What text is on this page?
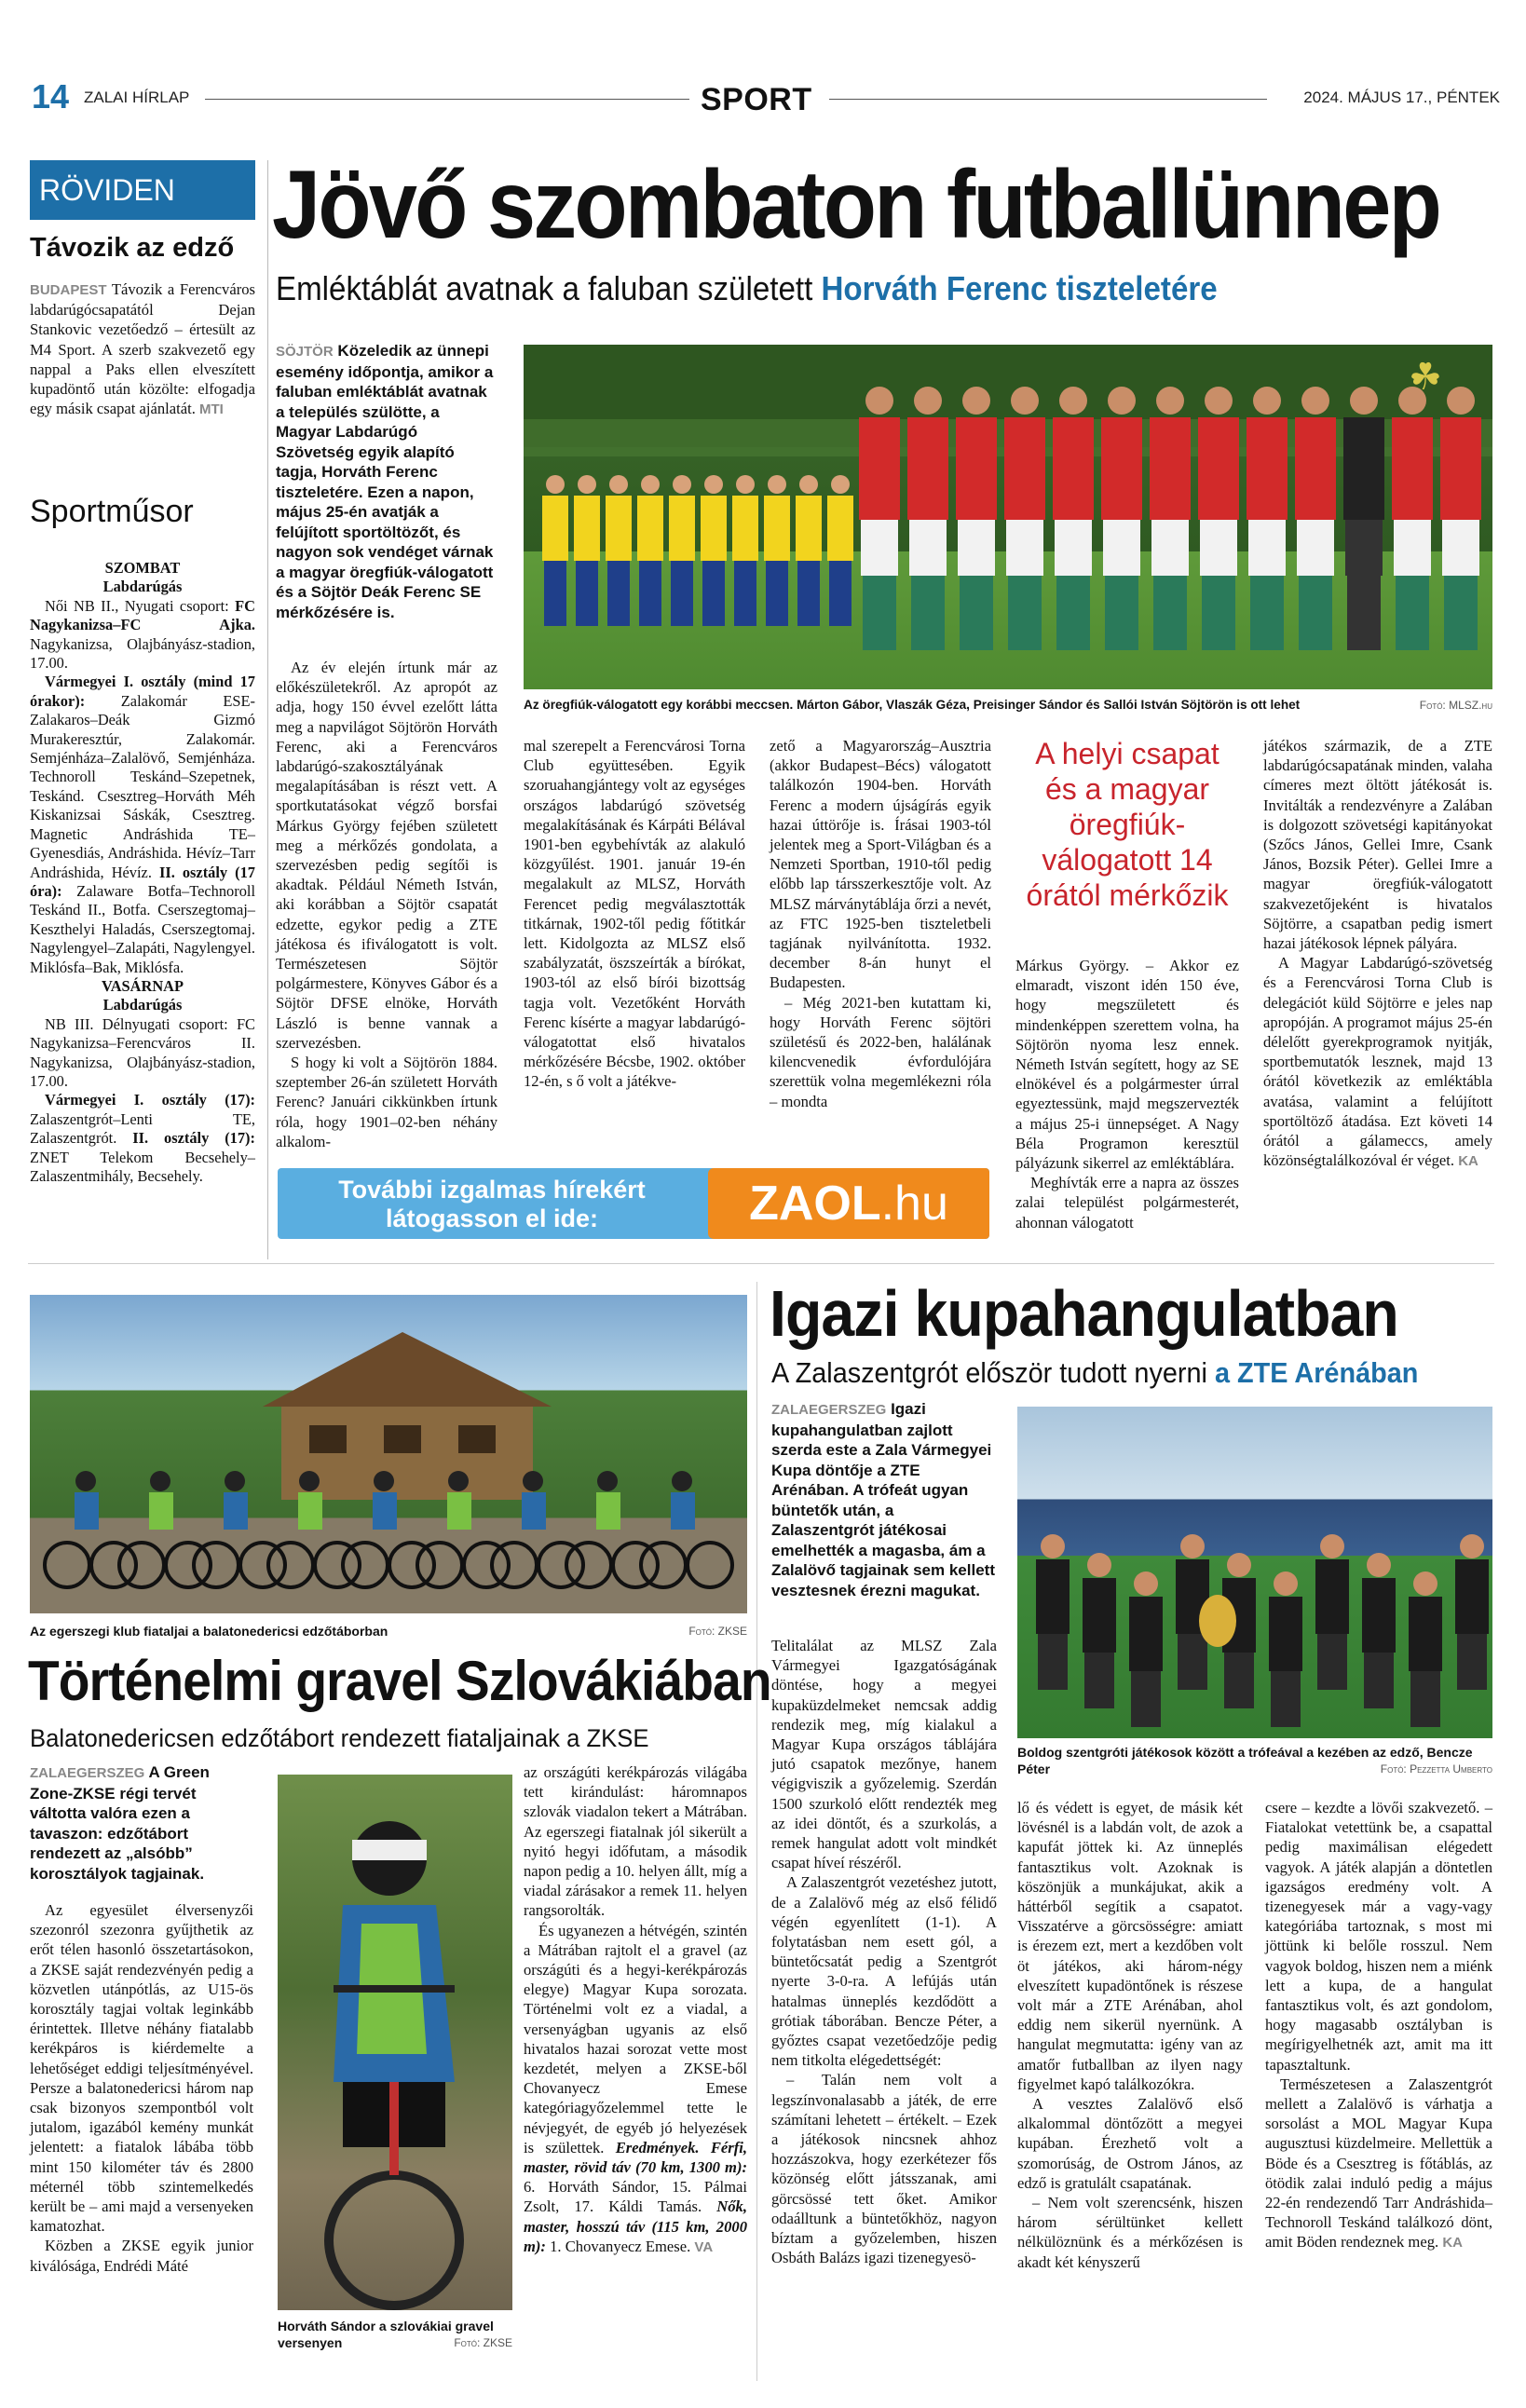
14 ZALAI HÍRLAP	SPORT	2024. MÁJUS 17., PÉNTEK
RÖVIDEN
Távozik az edző

BUDAPEST Távozik a Ferencváros labdarúgócsapatától Dejan Stankovic vezetőedző – értesült az M4 Sport. A szerb szakvezető egy nappal a Paks ellen elveszített kupadöntő után közölte: elfogadja egy másik csapat ajánlatát. MTI

Sportműsor
SZOMBAT
Labdarúgás

Női NB II., Nyugati csoport: FC Nagykanizsa–FC Ajka. Nagykanizsa, Olajbányász-stadion, 17.00.

Vármegyei I. osztály (mind 17 órakor): Zalakomár ESE-Zalakaros–Deák Gizmó Murakeresztúr, Zalakomár. Semjénháza–Zalalövő, Semjénháza. Technoroll Teskánd–Szepetnek, Teskánd. Csesztreg–Horváth Méh Kiskanizsai Sáskák, Csesztreg. Magnetic Andráshida TE–Gyenesdiás, Andráshida. Hévíz–Tarr Andráshida, Hévíz. II. osztály (17 óra): Zalaware Botfa–Technoroll Teskánd II., Botfa. Cserszegtomaj–Keszthelyi Haladás, Cserszegtomaj. Nagylengyel–Zalapáti, Nagylengyel. Miklósfa–Bak, Miklósfa.

VASÁRNAP
Labdarúgás

NB III. Délnyugati csoport: FC Nagykanizsa–Ferencváros II. Nagykanizsa, Olajbányász-stadion, 17.00.

Vármegyei I. osztály (17): Zalaszentgrót–Lenti TE, Zalaszentgrót. II. osztály (17): ZNET Telekom Becsehely–Zalaszentmihály, Becsehely.

Jövő szombaton futballünnep
Emléktáblát avatnak a faluban született Horváth Ferenc tiszteletére

SÖJTÖR Közeledik az ünnepi esemény időpontja, amikor a faluban emléktáblát avatnak a település szülötte, a Magyar Labdarúgó Szövetség egyik alapító tagja, Horváth Ferenc tiszteletére. Ezen a napon, május 25-én avatják a felújított sportöltözőt, és nagyon sok vendéget várnak a magyar öregfiúk-válogatott és a Söjtör Deák Ferenc SE mérkőzésére is.

☘
Az öregfiúk-válogatott egy korábbi meccsen. Márton Gábor, Vlaszák Géza, Preisinger Sándor és Sallói István Söjtörön is ott lehet	Fotó: MLSZ.hu

Az év elején írtunk már az előkészületekről. Az apropót az adja, hogy 150 évvel ezelőtt látta meg a napvilágot Söjtörön Horváth Ferenc, aki a Ferencváros labdarúgó-szakosztályának megalapításában is részt vett. A sportkutatásokat végző borsfai Márkus György fejében született meg a mérkőzés gondolata, a szervezésben pedig segítői is akadtak. Például Németh István, aki korábban a Söjtör csapatát edzette, egykor pedig a ZTE játékosa és ifiválogatott is volt. Természetesen Söjtör polgármestere, Könyves Gábor és a Söjtör DFSE elnöke, Horváth László is benne vannak a szervezésben.

S hogy ki volt a Söjtörön 1884. szeptember 26-án született Horváth Ferenc? Januári cikkünkben írtunk róla, hogy 1901–02-ben néhány alkalom-

mal szerepelt a Ferencvárosi Torna Club együttesében. Egyik szoruahangjántegy volt az egységes országos labdarúgó szövetség megalakításának és Kárpáti Bélával 1901-ben egybehívták az alakuló közgyűlést. 1901. január 19-én megalakult az MLSZ, Horváth Ferencet pedig megválasztották titkárnak, 1902-től pedig főtitkár lett. Kidolgozta az MLSZ első szabályzatát, öszszeírták a bírókat, 1903-tól az első bírói bizottság tagja volt. Vezetőként Horváth Ferenc kísérte a magyar labdarúgó-válogatottat első hivatalos mérkőzésére Bécsbe, 1902. október 12-én, s ő volt a játékve-

zető a Magyarország–Ausztria (akkor Budapest–Bécs) válogatott találkozón 1904-ben. Horváth Ferenc a modern újságírás egyik hazai úttörője is. Írásai 1903-tól jelentek meg a Sport-Világban és a Nemzeti Sportban, 1910-től pedig előbb lap társszerkesztője volt. Az MLSZ márványtáblája őrzi a nevét, az FTC 1925-ben tiszteletbeli tagjának nyilvánította. 1932. december 8-án hunyt el Budapesten.

– Még 2021-ben kutattam ki, hogy Horváth Ferenc söjtöri születésű és 2022-ben, halálának kilencvenedik évfordulójára szerettük volna megemlékezni róla – mondta

A helyi csapat és a magyar öregfiúk-válogatott 14 órától mérkőzik

Márkus György. – Akkor ez elmaradt, viszont idén 150 éve, hogy megszületett és mindenképpen szerettem volna, ha Söjtörön nyoma lesz ennek. Németh István segített, hogy az SE elnökével és a polgármester úrral egyeztessünk, majd megszervezték a május 25-i ünnepséget. A Nagy Béla Programon keresztül pályázunk sikerrel az emléktáblára.

Meghívták erre a napra az összes zalai települést polgármesterét, ahonnan válogatott

játékos származik, de a ZTE labdarúgócsapatának minden, valaha címeres mezt öltött játékosát is. Invitálták a rendezvényre a Zalában is dolgozott szövetségi kapitányokat (Szőcs János, Gellei Imre, Csank János, Bozsik Péter). Gellei Imre a magyar öregfiúk-válogatott szakvezetőjeként is hivatalos Söjtörre, a csapatban pedig ismert hazai játékosok lépnek pályára.

A Magyar Labdarúgó-szövetség és a Ferencvárosi Torna Club is delegációt küld Söjtörre e jeles nap apropóján. A programot május 25-én délelőtt gyerekprogramok nyitják, sportbemutatók lesznek, majd 13 órától következik az emléktábla avatása, valamint a felújított sportöltöző átadása. Ezt követi 14 órától a gálameccs, amely közönségtalálkozóval ér véget. KA

További izgalmas hírekért
látogasson el ide:	ZAOL.hu
Az egerszegi klub fiataljai a balatonedericsi edzőtáborban	Fotó: ZKSE
Történelmi gravel Szlovákiában
Balatonedericsen edzőtábort rendezett fiataljainak a ZKSE

ZALAEGERSZEG A Green Zone-ZKSE régi tervét váltotta valóra ezen a tavaszon: edzőtábort rendezett az „alsóbb” korosztályok tagjainak.

Az egyesület élversenyzői szezonról szezonra gyűjthetik az erőt télen hasonló összetartásokon, a ZKSE saját rendezvényén pedig a közvetlen utánpótlás, az U15-ös korosztály tagjai voltak leginkább érintettek. Illetve néhány fiatalabb kerékpáros is kiérdemelte a lehetőséget eddigi teljesítményével. Persze a balatonedericsi három nap csak bizonyos szempontból volt jutalom, igazából kemény munkát jelentett: a fiatalok lábába több mint 150 kilométer táv és 2800 méternél több szintemelkedés került be – ami majd a versenyeken kamatozhat.

Közben a ZKSE egyik junior kiválósága, Endrédi Máté

Horváth Sándor a szlovákiai gravel versenyen	Fotó: ZKSE

az országúti kerékpározás világába tett kirándulást: háromnapos szlovák viadalon tekert a Mátrában. Az egerszegi fiatalnak jól sikerült a nyitó hegyi időfutam, a második napon pedig a 10. helyen állt, míg a viadal zárásakor a remek 11. helyen rangsorolták.

És ugyanezen a hétvégén, szintén a Mátrában rajtolt el a gravel (az országúti és a hegyi-kerékpározás elegye) Magyar Kupa sorozata. Történelmi volt ez a viadal, a versenyágban ugyanis az első hivatalos hazai sorozat vette most kezdetét, melyen a ZKSE-ből Chovanyecz Emese kategóriagyőzelemmel tette le névjegyét, de egyéb jó helyezések is születtek. Eredmények. Férfi, master, rövid táv (70 km, 1300 m): 6. Horváth Sándor, 15. Pálmai Zsolt, 17. Káldi Tamás. Nők, master, hosszú táv (115 km, 2000 m): 1. Chovanyecz Emese. VA

Igazi kupahangulatban
A Zalaszentgrót először tudott nyerni a ZTE Arénában

ZALAEGERSZEG Igazi kupahangulatban zajlott szerda este a Zala Vármegyei Kupa döntője a ZTE Arénában. A trófeát ugyan büntetők után, a Zalaszentgrót játékosai emelhették a magasba, ám a Zalalövő tagjainak sem kellett vesztesnek érezni magukat.

Boldog szentgróti játékosok között a trófeával a kezében az edző, Bencze Péter	Fotó: Pezzetta Umberto

Telitalálat az MLSZ Zala Vármegyei Igazgatóságának döntése, hogy a megyei kupaküzdelmeket nemcsak addig rendezik meg, míg kialakul a Magyar Kupa országos táblájára jutó csapatok mezőnye, hanem végigviszik a győzelemig. Szerdán 1500 szurkoló előtt rendezték meg az idei döntőt, és a szurkolás, a remek hangulat adott volt mindkét csapat híveí részéről.

A Zalaszentgrót vezetéshez jutott, de a Zalalövő még az első félidő végén egyenlített (1-1). A folytatásban nem esett gól, a büntetőcsatát pedig a Szentgrót nyerte 3-0-ra. A lefújás után hatalmas ünneplés kezdődött a grótiak táborában. Bencze Péter, a győztes csapat vezetőedzője pedig nem titkolta elégedettségét:

– Talán nem volt a legszínvonalasabb a játék, de erre számítani lehetett – értékelt. – Ezek a játékosok nincsnek ahhoz hozzászokva, hogy ezerkétezer fős közönség előtt játsszanak, ami görcsössé tett őket. Amikor odaálltunk a büntetőkhöz, nagyon bíztam a győzelemben, hiszen Osbáth Balázs igazi tizenegyesö-

lő és védett is egyet, de másik két lövésnél is a labdán volt, de azok a kapufát jöttek ki. Az ünneplés fantasztikus volt. Azoknak is köszönjük a munkájukat, akik a háttérből segítik a csapatot. Visszatérve a görcsösségre: amiatt is érezem ezt, mert a kezdőben volt öt játékos, aki három-négy elveszített kupadöntőnek is részese volt már a ZTE Arénában, ahol eddig nem sikerül nyernünk. A hangulat megmutatta: igény van az amatőr futballban az ilyen nagy figyelmet kapó találkozókra.

A vesztes Zalalövő első alkalommal döntőzött a megyei kupában. Érezhető volt a szomorúság, de Ostrom János, az edző is gratulált csapatának.

– Nem volt szerencsénk, hiszen három sérültünket kellett nélkülöznünk és a mérkőzésen is akadt két kényszerű

csere – kezdte a lövői szakvezető. – Fiatalokat vetettünk be, a csapattal pedig maximálisan elégedett vagyok. A játék alapján a döntetlen igazságos eredmény volt. A tizenegyesek már a vagy-vagy kategóriába tartoznak, s most mi jöttünk ki belőle rosszul. Nem vagyok boldog, hiszen nem a miénk lett a kupa, de a hangulat fantasztikus volt, és azt gondolom, hogy magasabb osztályban is megírigyelhetnék azt, amit ma itt tapasztaltunk.

Természetesen a Zalaszentgrót mellett a Zalalövő is várhatja a sorsolást a MOL Magyar Kupa augusztusi küzdelmeire. Mellettük a Böde és a Csesztreg is főtáblás, az ötödik zalai induló pedig a május 22-én rendezendő Tarr Andráshida–Technoroll Teskánd találkozó dönt, amit Böden rendeznek meg. KA
